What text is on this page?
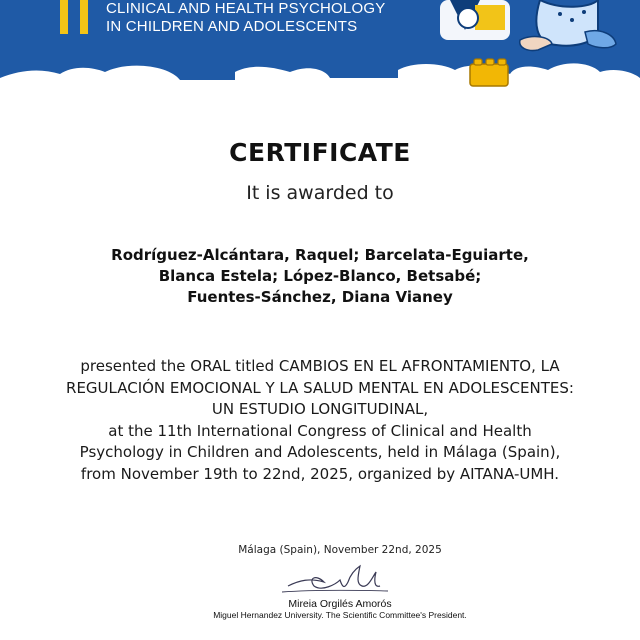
CLINICAL AND HEALTH PSYCHOLOGY
IN CHILDREN AND ADOLESCENTS
CERTIFICATE
It is awarded to
Rodríguez-Alcántara, Raquel; Barcelata-Eguiarte,
Blanca Estela; López-Blanco, Betsabé;
Fuentes-Sánchez, Diana Vianey
presented the ORAL titled CAMBIOS EN EL AFRONTAMIENTO, LA
REGULACIÓN EMOCIONAL Y LA SALUD MENTAL EN ADOLESCENTES:
UN ESTUDIO LONGITUDINAL,
at the 11th International Congress of Clinical and Health
Psychology in Children and Adolescents, held in Málaga (Spain),
from November 19th to 22nd, 2025, organized by AITANA-UMH.
Málaga (Spain), November 22nd, 2025
Mireia Orgilés Amorós
Miguel Hernandez University. The Scientific Committee's President.
